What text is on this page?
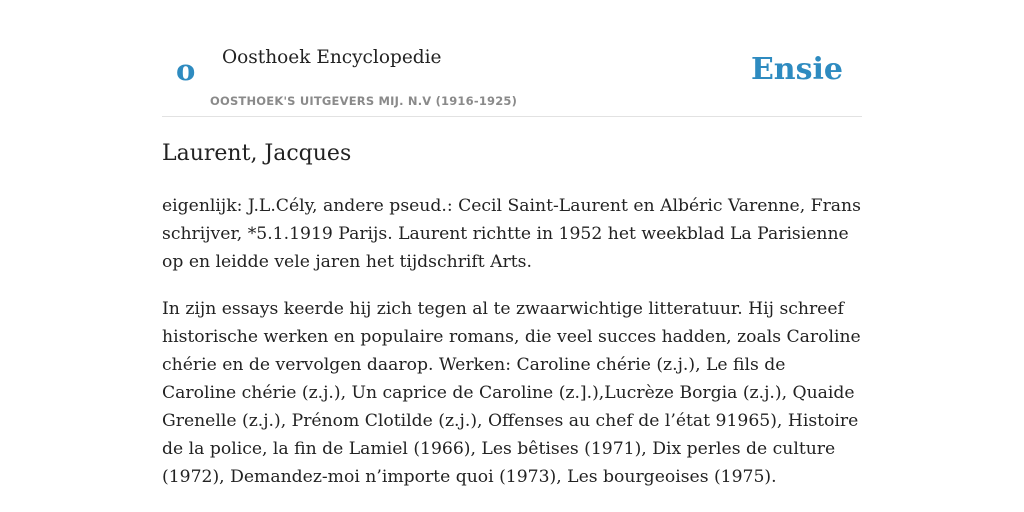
o Oosthoek Encyclopedie
OOSTHOEK'S UITGEVERS MIJ. N.V (1916-1925)
Ensie
Laurent, Jacques

eigenlijk: J.L.Cély, andere pseud.: Cecil Saint-Laurent en Albéric Varenne, Frans schrijver, *5.1.1919 Parijs. Laurent richtte in 1952 het weekblad La Parisienne op en leidde vele jaren het tijdschrift Arts.

In zijn essays keerde hij zich tegen al te zwaarwichtige litteratuur. Hij schreef historische werken en populaire romans, die veel succes hadden, zoals Caroline chérie en de vervolgen daarop. Werken: Caroline chérie (z.j.), Le fils de Caroline chérie (z.j.), Un caprice de Caroline (z.].),Lucrèze Borgia (z.j.), Quaide Grenelle (z.j.), Prénom Clotilde (z.j.), Offenses au chef de l’état 91965), Histoire de la police, la fin de Lamiel (1966), Les bêtises (1971), Dix perles de culture (1972), Demandez-moi n’importe quoi (1973), Les bourgeoises (1975).
